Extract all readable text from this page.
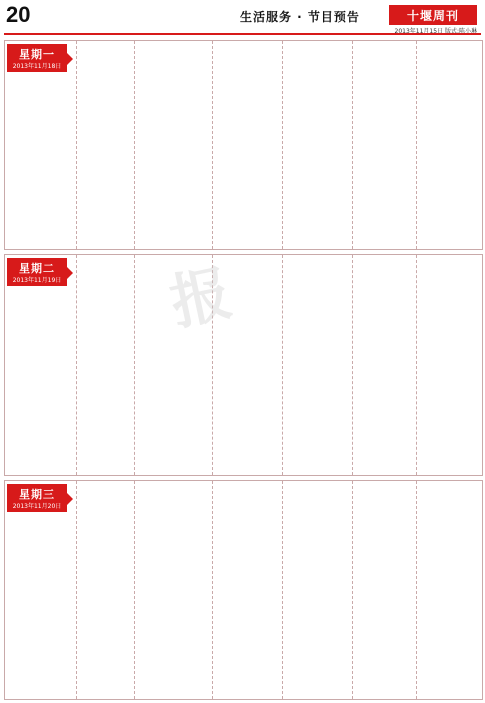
20	生活服务 · 节目预告	十堰周刊
2013年11月15日 版式:陈小琳
星期一
2013年11月18日
星期二
2013年11月19日
星期三
2013年11月20日
报
